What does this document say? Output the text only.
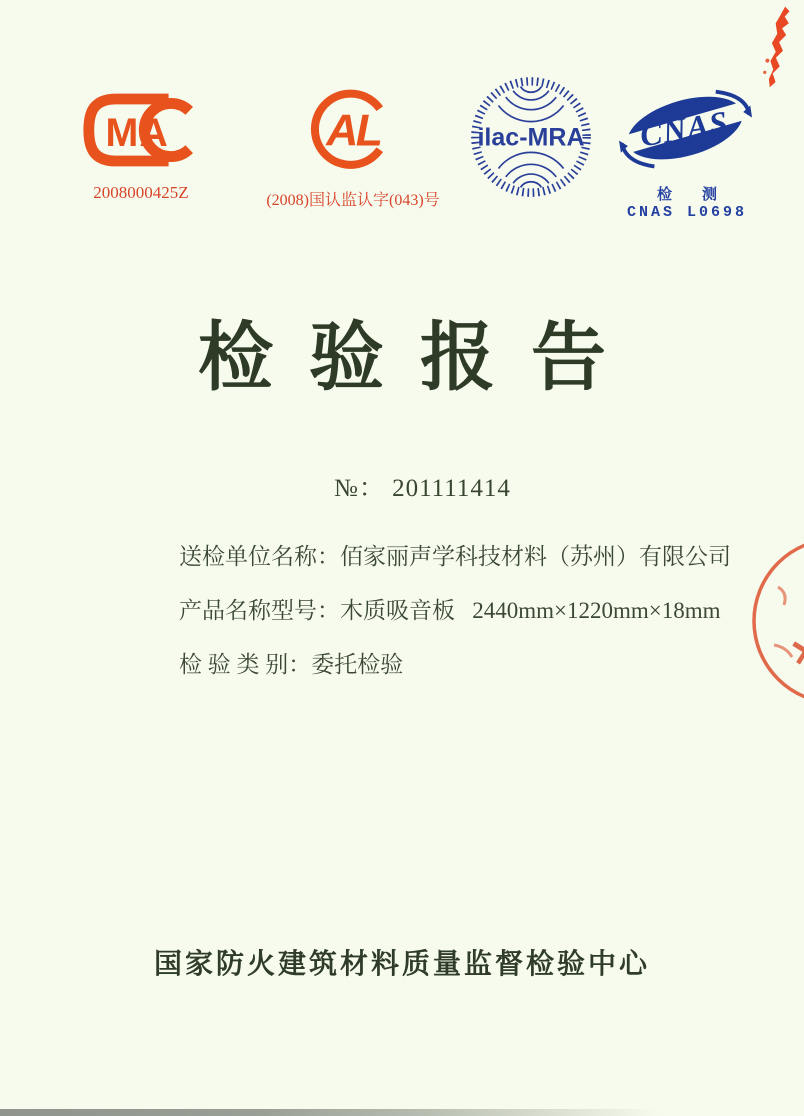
MA
2008000425Z
AL
(2008)国认监认字(043)号
ilac-MRA CNAS
检　测
CNAS L0698
检验报告
№： 201111414
送检单位名称：佰家丽声学科技材料（苏州）有限公司
产品名称型号：木质吸音板   2440mm×1220mm×18mm
检 验 类 别：委托检验
国家防火建筑材料质量监督检验中心
